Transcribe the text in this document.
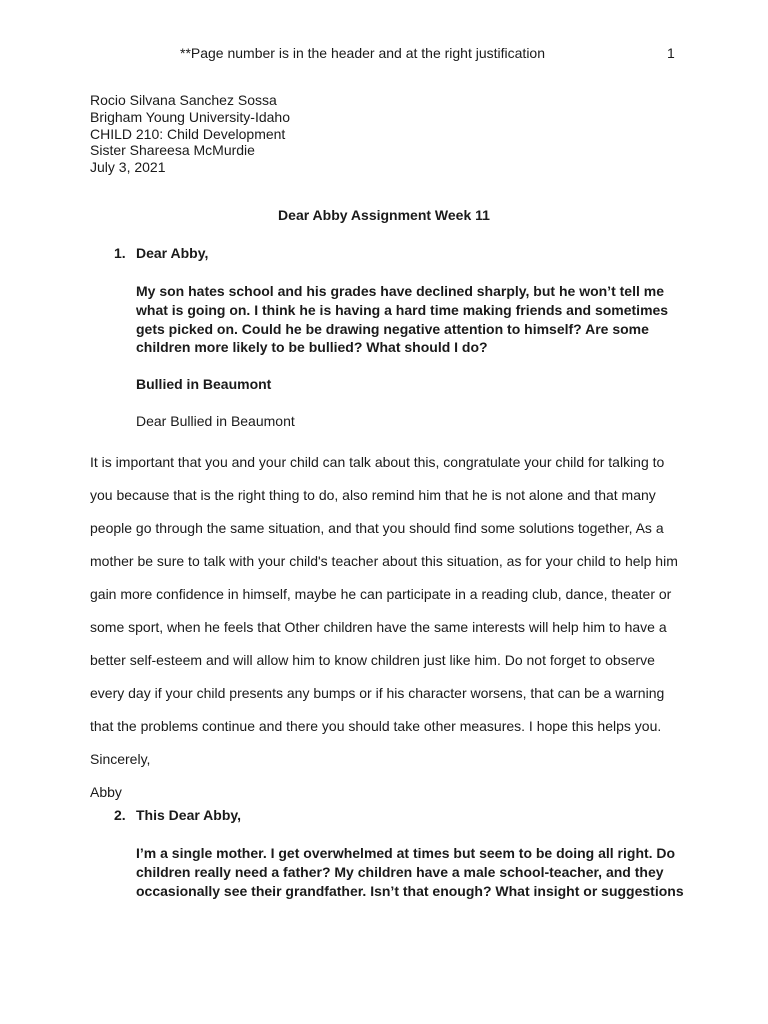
**Page number is in the header and at the right justification	1
Rocio Silvana Sanchez Sossa
Brigham Young University-Idaho
CHILD 210: Child Development
Sister Shareesa McMurdie
July 3, 2021
Dear Abby Assignment Week 11
1. Dear Abby,
My son hates school and his grades have declined sharply, but he won’t tell me
what is going on. I think he is having a hard time making friends and sometimes
gets picked on. Could he be drawing negative attention to himself? Are some
children more likely to be bullied? What should I do?
Bullied in Beaumont
Dear Bullied in Beaumont
It is important that you and your child can talk about this, congratulate your child for talking to
you because that is the right thing to do, also remind him that he is not alone and that many
people go through the same situation, and that you should find some solutions together, As a
mother be sure to talk with your child's teacher about this situation, as for your child to help him
gain more confidence in himself, maybe he can participate in a reading club, dance, theater or
some sport, when he feels that Other children have the same interests will help him to have a
better self-esteem and will allow him to know children just like him. Do not forget to observe
every day if your child presents any bumps or if his character worsens, that can be a warning
that the problems continue and there you should take other measures. I hope this helps you.
Sincerely,
Abby
2. This Dear Abby,
I’m a single mother. I get overwhelmed at times but seem to be doing all right. Do
children really need a father? My children have a male school-teacher, and they
occasionally see their grandfather. Isn’t that enough? What insight or suggestions
